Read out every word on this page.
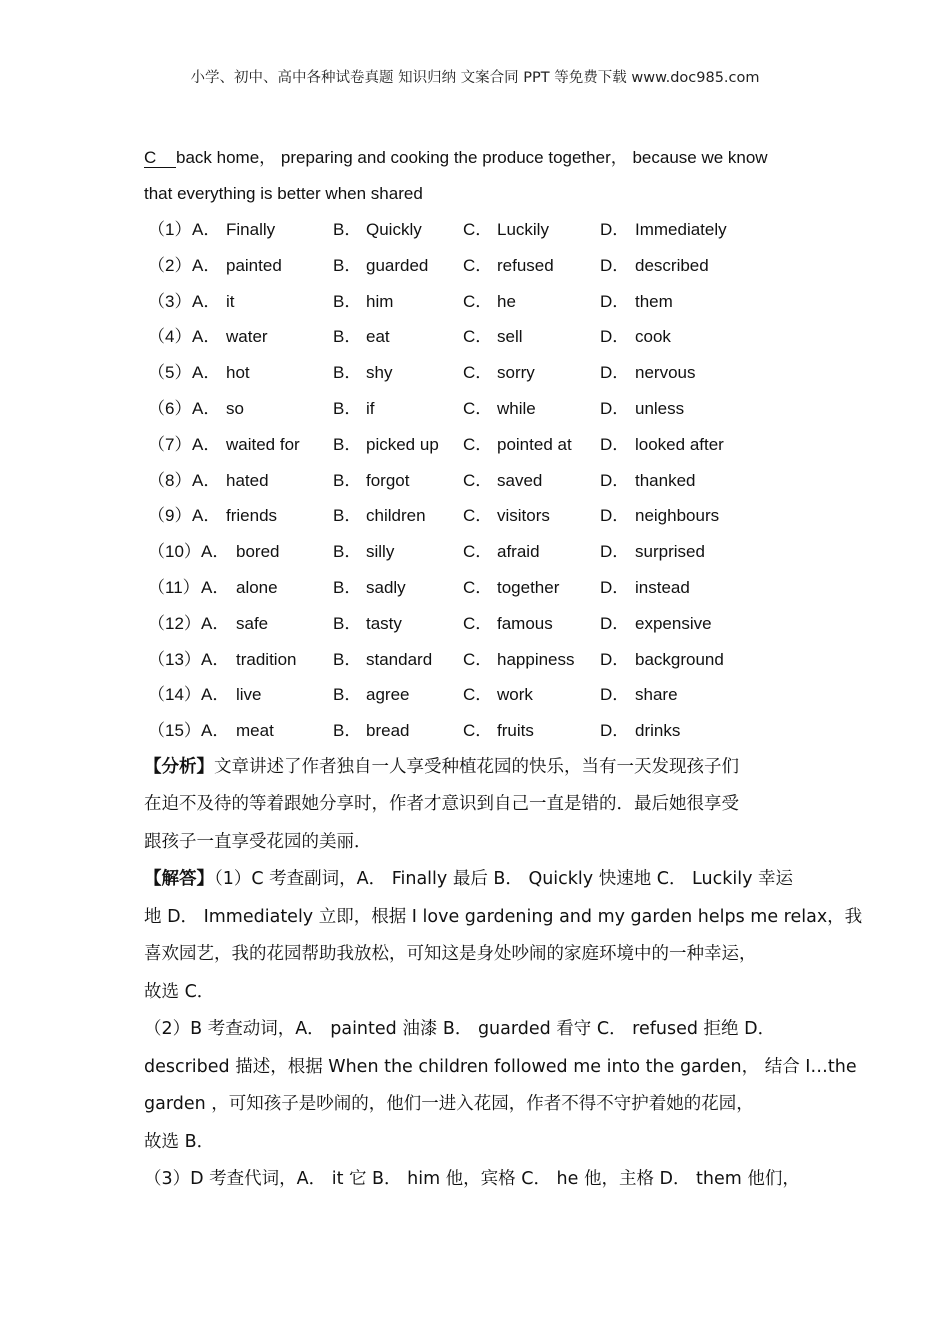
小学、初中、高中各种试卷真题 知识归纳 文案合同 PPT 等免费下载 www.doc985.com
C back home， preparing and cooking the produce together， because we know
that everything is better when shared
（1） A． Finally	B． Quickly C． Luckily	D． Immediately
（2） A． painted	B． guarded C． refused	D． described
（3） A． it	B． him	C． he	D． them
（4） A． water	B． eat	C． sell	D． cook
（5） A． hot	B． shy	C． sorry	D． nervous
（6） A． so	B． if	C． while	D． unless
（7） A． waited for B． picked up C． pointed at D． looked after
（8） A． hated	B． forgot	C． saved	D． thanked
（9） A． friends	B． children C． visitors	D． neighbours
（10） A． bored	B． silly	C． afraid	D． surprised
（11） A． alone	B． sadly	C． together D． instead
（12） A． safe	B． tasty	C． famous	D． expensive
（13） A． tradition B． standard C． happiness D． background
（14） A． live	B． agree	C． work	D． share
（15） A． meat	B． bread	C． fruits	D． drinks
【分析】文章讲述了作者独自一人享受种植花园的快乐，当有一天发现孩子们
在迫不及待的等着跟她分享时，作者才意识到自己一直是错的．最后她很享受
跟孩子一直享受花园的美丽．
【解答】（1）C 考查副词，A． Finally 最后 B． Quickly 快速地 C． Luckily 幸运
地 D． Immediately 立即，根据 I love gardening and my garden helps me relax，我
喜欢园艺，我的花园帮助我放松，可知这是身处吵闹的家庭环境中的一种幸运，
故选 C．
（2）B 考查动词，A． painted 油漆 B． guarded 看守 C． refused 拒绝 D．
described 描述，根据 When the children followed me into the garden， 结合 I…the
garden ，可知孩子是吵闹的，他们一进入花园，作者不得不守护着她的花园，
故选 B．
（3）D 考查代词，A． it 它 B． him 他，宾格 C． he 他，主格 D． them 他们，
